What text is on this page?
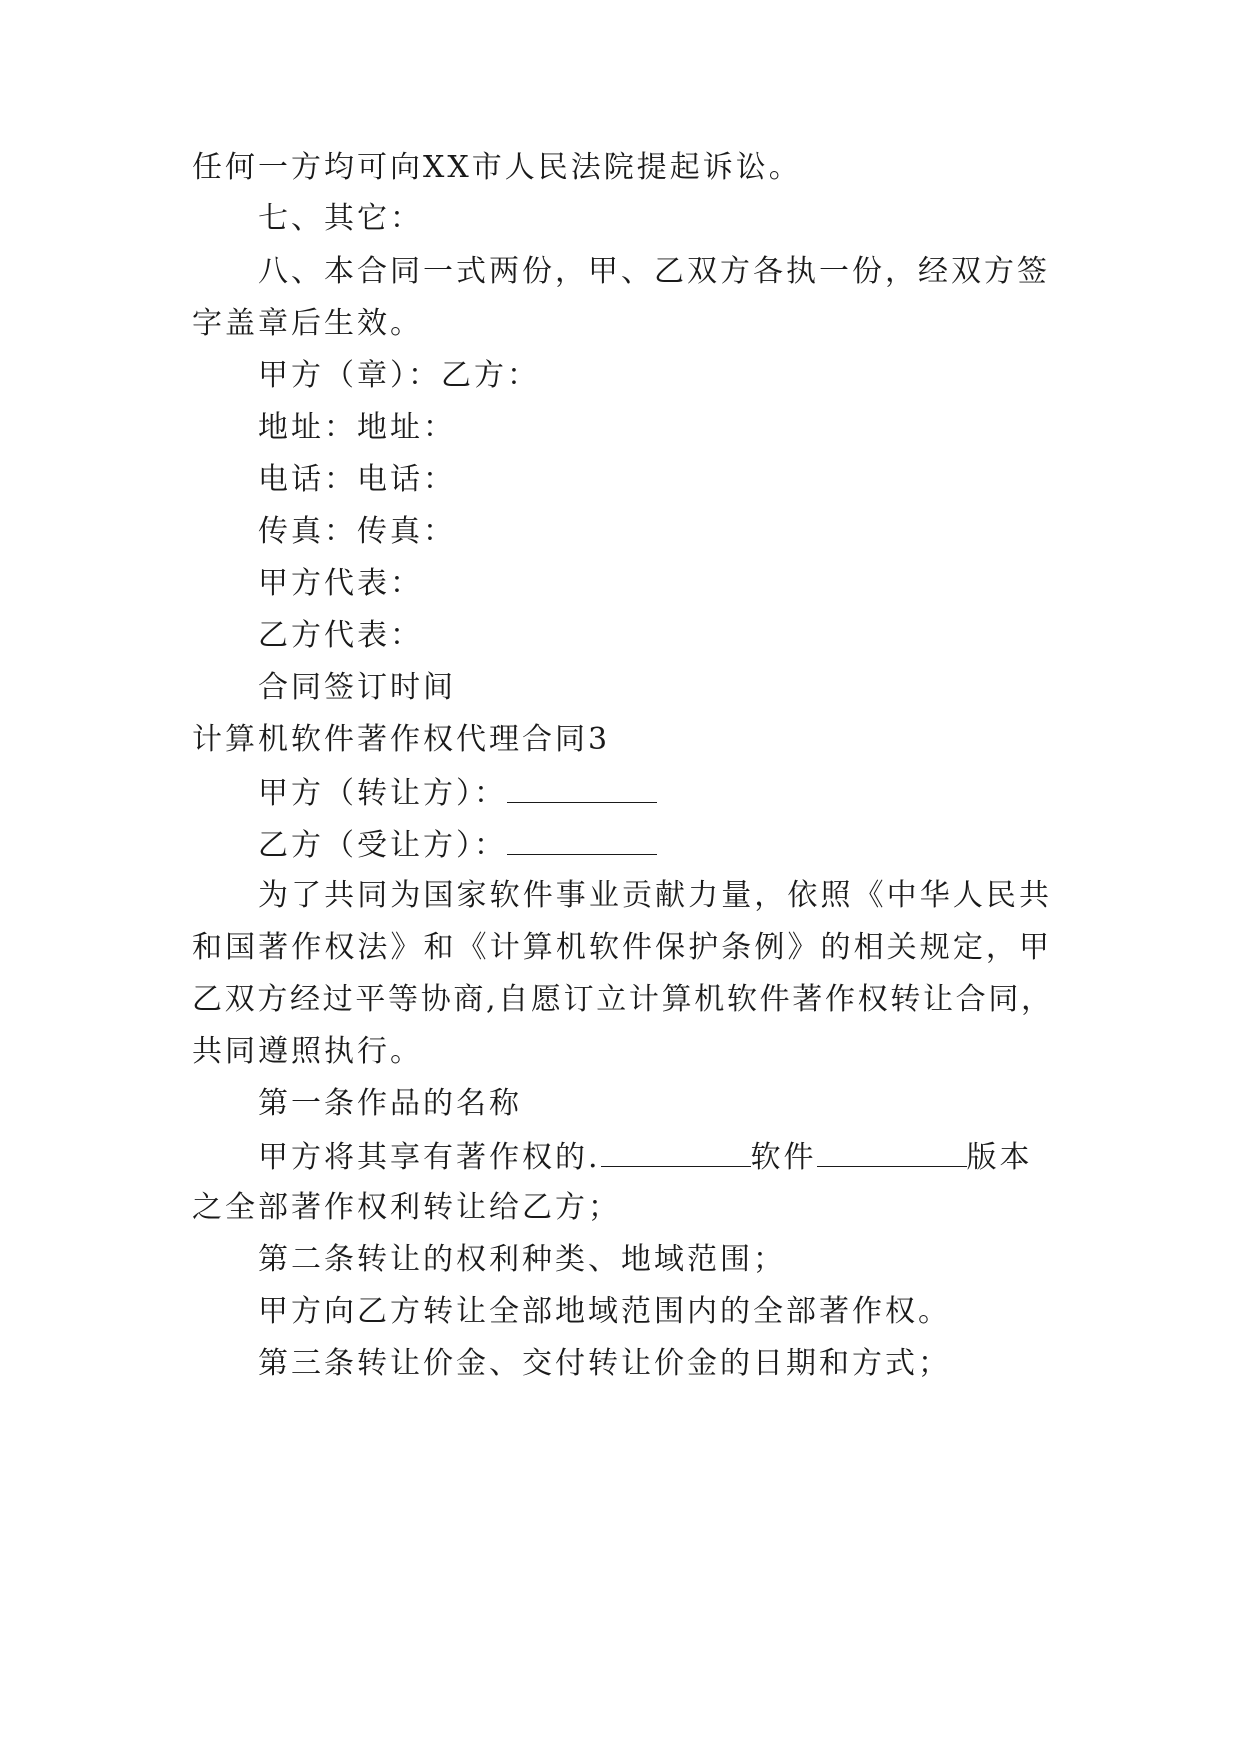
任何一方均可向XX市人民法院提起诉讼。
七、其它：
八、本合同一式两份，甲、乙双方各执一份，经双方签
字盖章后生效。
甲方（章）：乙方：
地址：地址：
电话：电话：
传真：传真：
甲方代表：
乙方代表：
合同签订时间
计算机软件著作权代理合同3
甲方（转让方）：
乙方（受让方）：
为了共同为国家软件事业贡献力量，依照《中华人民共
和国著作权法》和《计算机软件保护条例》的相关规定，甲
乙双方经过平等协商,自愿订立计算机软件著作权转让合同，
共同遵照执行。
第一条作品的名称
甲方将其享有著作权的.	软件	版本
之全部著作权利转让给乙方；
第二条转让的权利种类、地域范围；
甲方向乙方转让全部地域范围内的全部著作权。
第三条转让价金、交付转让价金的日期和方式；
